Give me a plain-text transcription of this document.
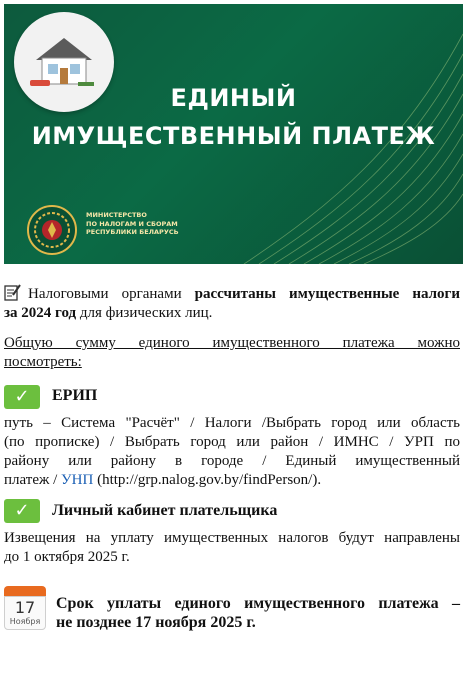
ЕДИНЫЙ
ИМУЩЕСТВЕННЫЙ ПЛАТЕЖ
МИНИСТЕРСТВО
ПО НАЛОГАМ И СБОРАМ
РЕСПУБЛИКИ БЕЛАРУСЬ
Налоговыми органами рассчитаны имущественные налоги
за 2024 год для физических лиц.
Общую сумму единого имущественного платежа можно
посмотреть:
✓	ЕРИП
путь – Система "Расчёт" / Налоги /Выбрать город или область
(по прописке) / Выбрать город или район / ИМНС / УРП по
району или району в городе / Единый имущественный
платеж / УНП (http://grp.nalog.gov.by/findPerson/).
✓	Личный кабинет плательщика
Извещения на уплату имущественных налогов будут направлены
до 1 октября 2025 г.
17
Ноября
Срок уплаты единого имущественного платежа –
не позднее 17 ноября 2025 г.
